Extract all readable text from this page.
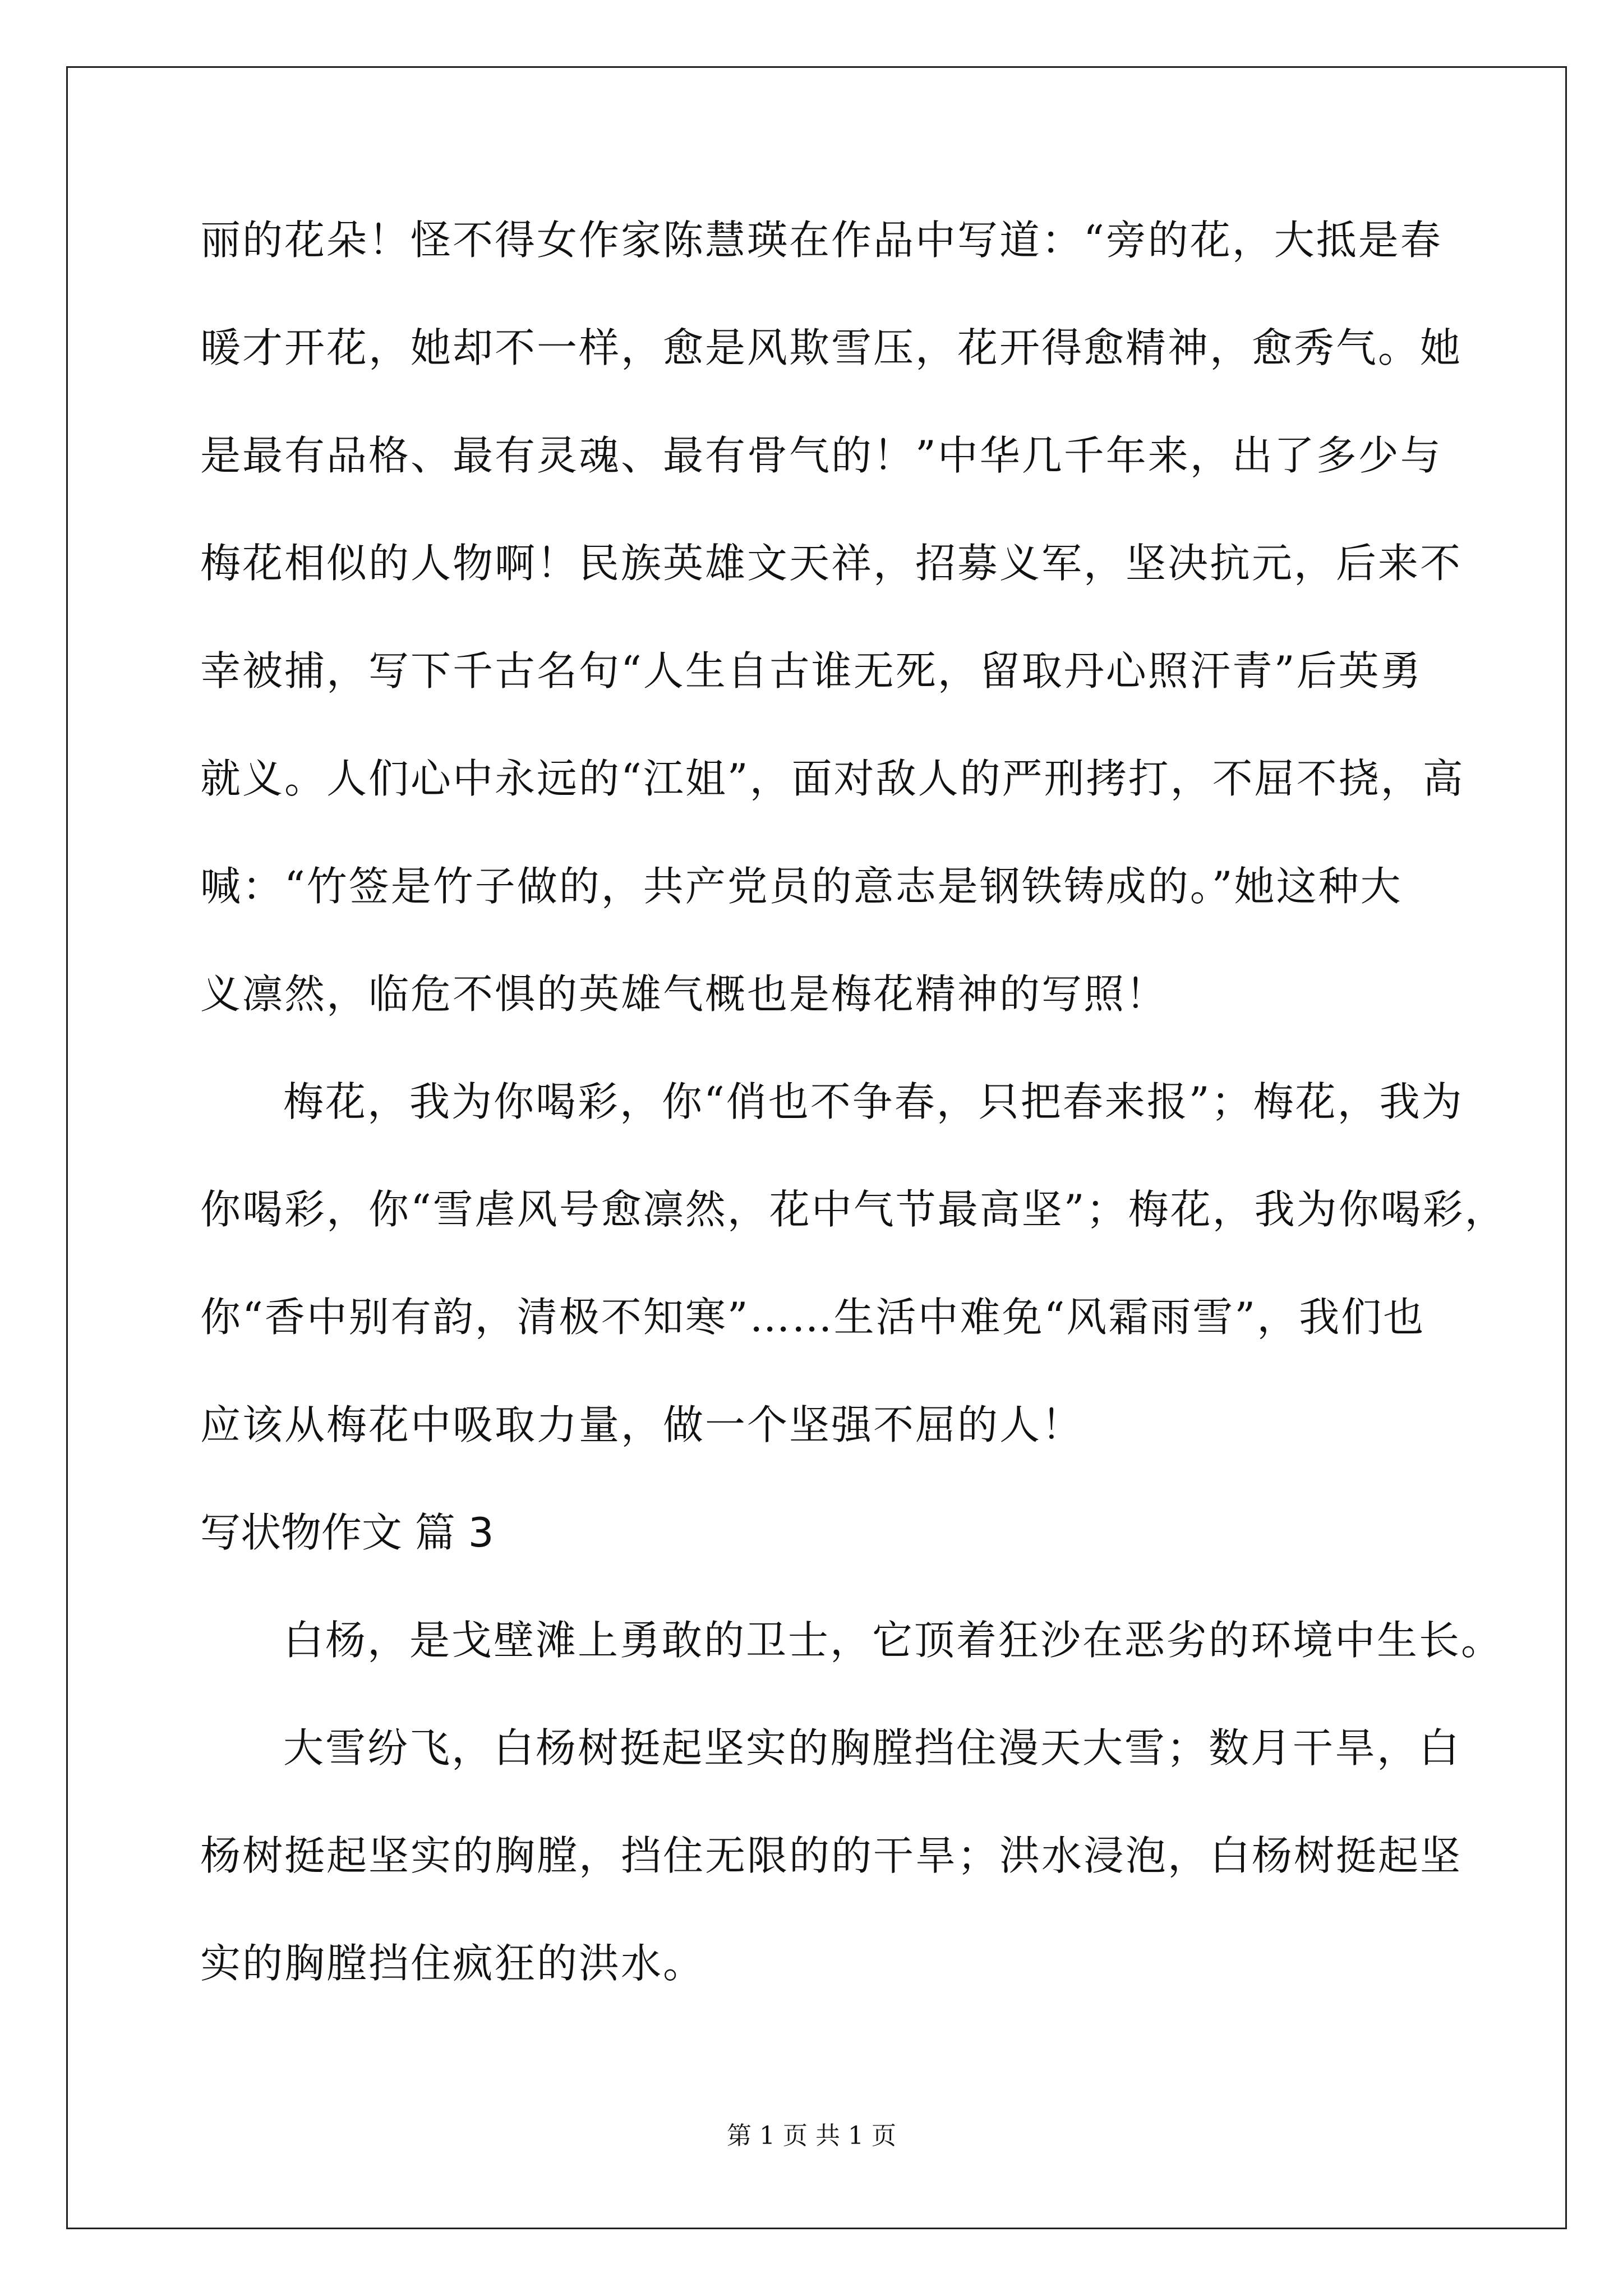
丽的花朵！怪不得女作家陈慧瑛在作品中写道：“旁的花，大抵是春
暖才开花，她却不一样，愈是风欺雪压，花开得愈精神，愈秀气。她
是最有品格、最有灵魂、最有骨气的！”中华几千年来，出了多少与
梅花相似的人物啊！民族英雄文天祥，招募义军，坚决抗元，后来不
幸被捕，写下千古名句“人生自古谁无死，留取丹心照汗青”后英勇
就义。人们心中永远的“江姐”，面对敌人的严刑拷打，不屈不挠，高
喊：“竹签是竹子做的，共产党员的意志是钢铁铸成的。”她这种大
义凛然，临危不惧的英雄气概也是梅花精神的写照！
梅花，我为你喝彩，你“俏也不争春，只把春来报”；梅花，我为
你喝彩，你“雪虐风号愈凛然，花中气节最高坚”；梅花，我为你喝彩，
你“香中别有韵，清极不知寒”……生活中难免“风霜雨雪”，我们也
应该从梅花中吸取力量，做一个坚强不屈的人！
写状物作文 篇 3
白杨，是戈壁滩上勇敢的卫士，它顶着狂沙在恶劣的环境中生长。
大雪纷飞，白杨树挺起坚实的胸膛挡住漫天大雪；数月干旱，白
杨树挺起坚实的胸膛，挡住无限的的干旱；洪水浸泡，白杨树挺起坚
实的胸膛挡住疯狂的洪水。
第 1 页 共 1 页
